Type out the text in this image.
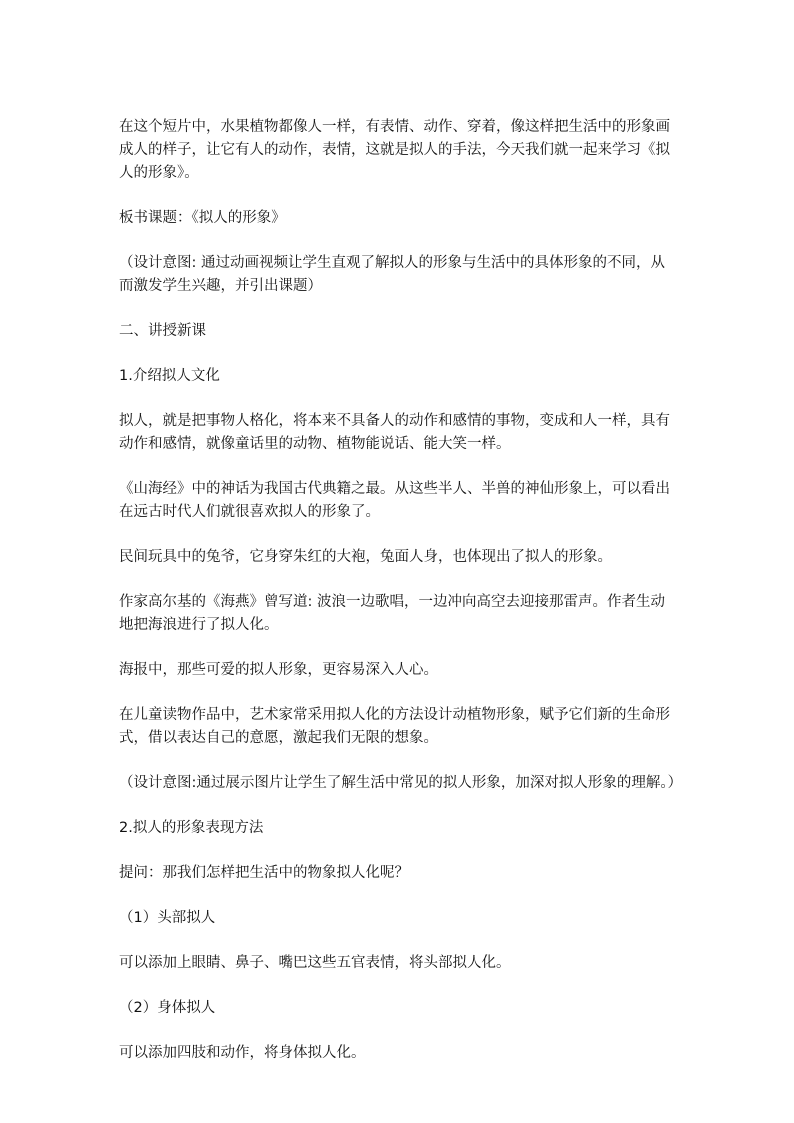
在这个短片中，水果植物都像人一样，有表情、动作、穿着，像这样把生活中的形象画成人的样子，让它有人的动作，表情，这就是拟人的手法，今天我们就一起来学习《拟人的形象》。

板书课题：《拟人的形象》

（设计意图: 通过动画视频让学生直观了解拟人的形象与生活中的具体形象的不同，从而激发学生兴趣，并引出课题）

二、讲授新课

1.介绍拟人文化

拟人，就是把事物人格化，将本来不具备人的动作和感情的事物，变成和人一样，具有动作和感情，就像童话里的动物、植物能说话、能大笑一样。

《山海经》中的神话为我国古代典籍之最。从这些半人、半兽的神仙形象上，可以看出在远古时代人们就很喜欢拟人的形象了。

民间玩具中的兔爷，它身穿朱红的大袍，兔面人身，也体现出了拟人的形象。

作家高尔基的《海燕》曾写道: 波浪一边歌唱，一边冲向高空去迎接那雷声。作者生动地把海浪进行了拟人化。

海报中，那些可爱的拟人形象，更容易深入人心。

在儿童读物作品中，艺术家常采用拟人化的方法设计动植物形象，赋予它们新的生命形式，借以表达自己的意愿，激起我们无限的想象。

（设计意图:通过展示图片让学生了解生活中常见的拟人形象，加深对拟人形象的理解。）

2.拟人的形象表现方法

提问：那我们怎样把生活中的物象拟人化呢？

（1）头部拟人

可以添加上眼睛、鼻子、嘴巴这些五官表情，将头部拟人化。

（2）身体拟人

可以添加四肢和动作，将身体拟人化。
